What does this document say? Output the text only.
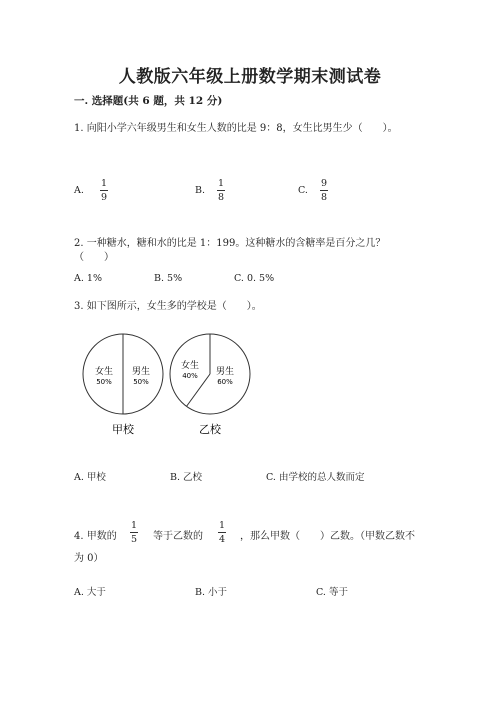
人教版六年级上册数学期末测试卷
一. 选择题(共 6 题，共 12 分)
1. 向阳小学六年级男生和女生人数的比是 9：8，女生比男生少（　　）。
A.
1
9
B.
1
8
C.
9
8
2. 一种糖水，糖和水的比是 1：199。这种糖水的含糖率是百分之几？
（　　）
A. 1%	B. 5%	C. 0. 5%
3. 如下图所示，女生多的学校是（　　）。
女生
50%
男生
50%
甲校
女生
40% 男生
60%
乙校
A. 甲校	B. 乙校	C. 由学校的总人数而定
4. 甲数的
1
5 等于乙数的
1
4 ，那么甲数（　　）乙数。（甲数乙数不
为 0）
A. 大于	B. 小于	C. 等于
